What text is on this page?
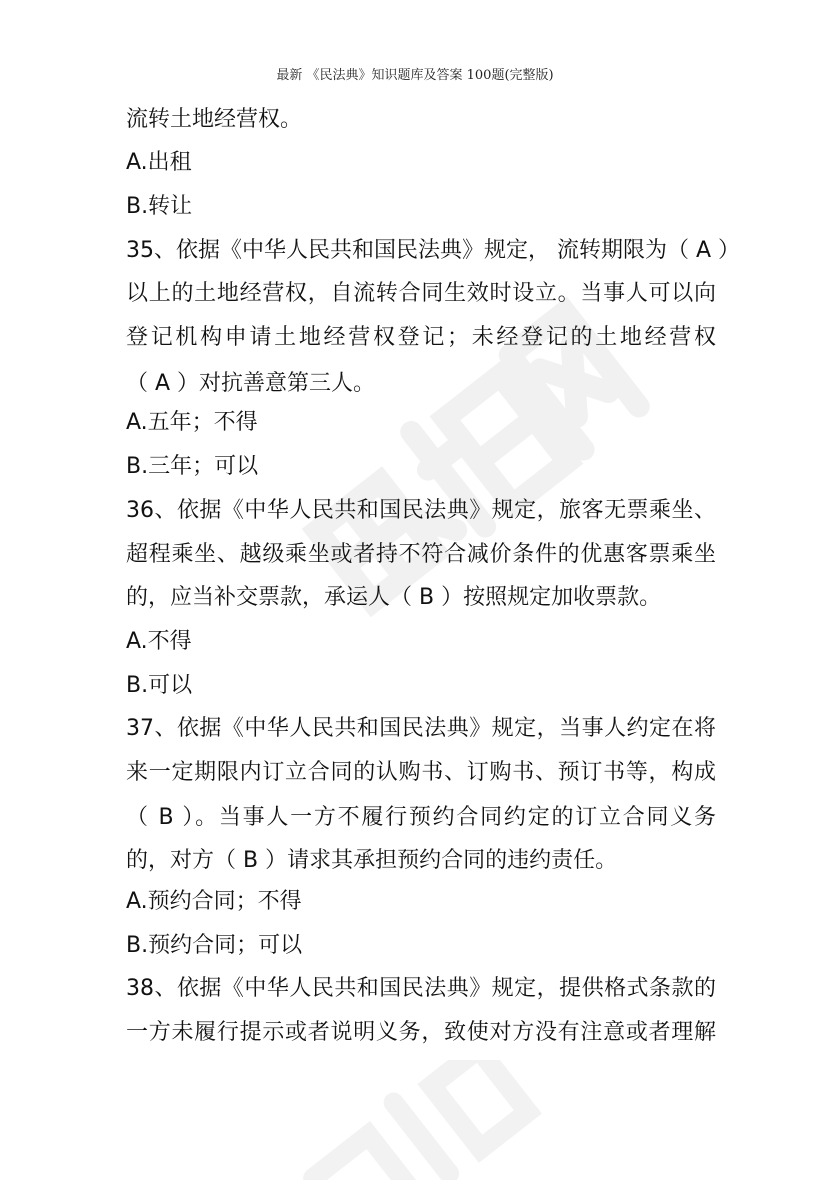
最新 《民法典》知识题库及答案 100题(完整版)
流转土地经营权。
A.出租
B.转让
35、依据《中华人民共和国民法典》规定， 流转期限为（ A ）
以上的土地经营权，自流转合同生效时设立。当事人可以向
登记机构申请土地经营权登记；未经登记的土地经营权
（ A ）对抗善意第三人。
A.五年；不得
B.三年；可以
36、依据《中华人民共和国民法典》规定，旅客无票乘坐、
超程乘坐、越级乘坐或者持不符合减价条件的优惠客票乘坐
的，应当补交票款，承运人（ B ）按照规定加收票款。
A.不得
B.可以
37、依据《中华人民共和国民法典》规定，当事人约定在将
来一定期限内订立合同的认购书、订购书、预订书等，构成
（ B ）。当事人一方不履行预约合同约定的订立合同义务
的，对方（ B ）请求其承担预约合同的违约责任。
A.预约合同；不得
B.预约合同；可以
38、依据《中华人民共和国民法典》规定，提供格式条款的
一方未履行提示或者说明义务，致使对方没有注意或者理解
